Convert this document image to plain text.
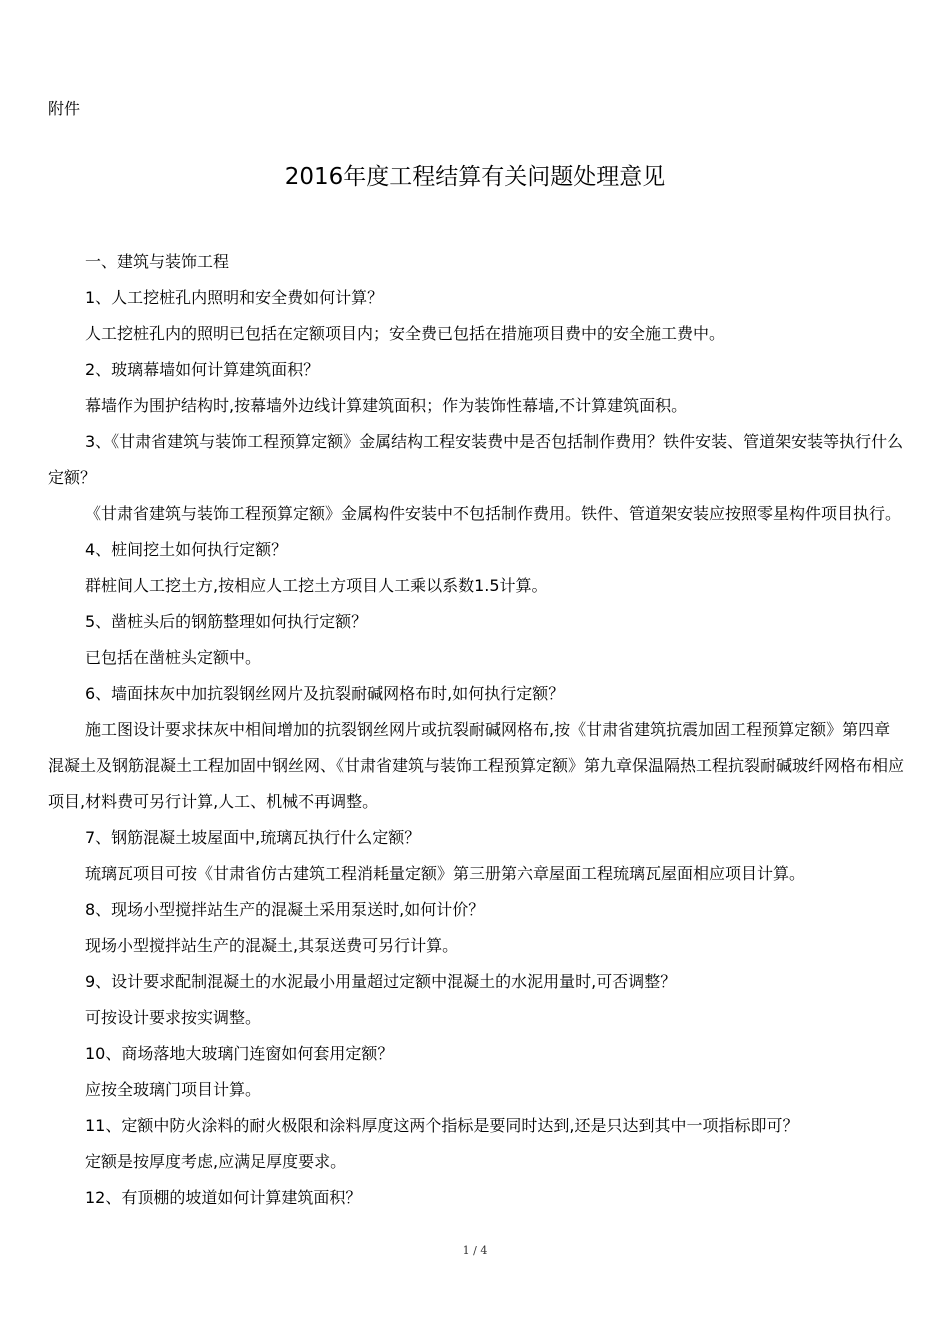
附件
2016年度工程结算有关问题处理意见

一、建筑与装饰工程

1、人工挖桩孔内照明和安全费如何计算？

人工挖桩孔内的照明已包括在定额项目内；安全费已包括在措施项目费中的安全施工费中。

2、玻璃幕墙如何计算建筑面积？

幕墙作为围护结构时,按幕墙外边线计算建筑面积；作为装饰性幕墙,不计算建筑面积。

3、《甘肃省建筑与装饰工程预算定额》金属结构工程安装费中是否包括制作费用？铁件安装、管道架安装等执行什么定额？

《甘肃省建筑与装饰工程预算定额》金属构件安装中不包括制作费用。铁件、管道架安装应按照零星构件项目执行。

4、桩间挖土如何执行定额？

群桩间人工挖土方,按相应人工挖土方项目人工乘以系数1.5计算。

5、凿桩头后的钢筋整理如何执行定额？

已包括在凿桩头定额中。

6、墙面抹灰中加抗裂钢丝网片及抗裂耐碱网格布时,如何执行定额？

施工图设计要求抹灰中相间增加的抗裂钢丝网片或抗裂耐碱网格布,按《甘肃省建筑抗震加固工程预算定额》第四章混凝土及钢筋混凝土工程加固中钢丝网、《甘肃省建筑与装饰工程预算定额》第九章保温隔热工程抗裂耐碱玻纤网格布相应项目,材料费可另行计算,人工、机械不再调整。

7、钢筋混凝土坡屋面中,琉璃瓦执行什么定额？

琉璃瓦项目可按《甘肃省仿古建筑工程消耗量定额》第三册第六章屋面工程琉璃瓦屋面相应项目计算。

8、现场小型搅拌站生产的混凝土采用泵送时,如何计价？

现场小型搅拌站生产的混凝土,其泵送费可另行计算。

9、设计要求配制混凝土的水泥最小用量超过定额中混凝土的水泥用量时,可否调整？

可按设计要求按实调整。

10、商场落地大玻璃门连窗如何套用定额？

应按全玻璃门项目计算。

11、定额中防火涂料的耐火极限和涂料厚度这两个指标是要同时达到,还是只达到其中一项指标即可？

定额是按厚度考虑,应满足厚度要求。

12、有顶棚的坡道如何计算建筑面积？

1 / 4
